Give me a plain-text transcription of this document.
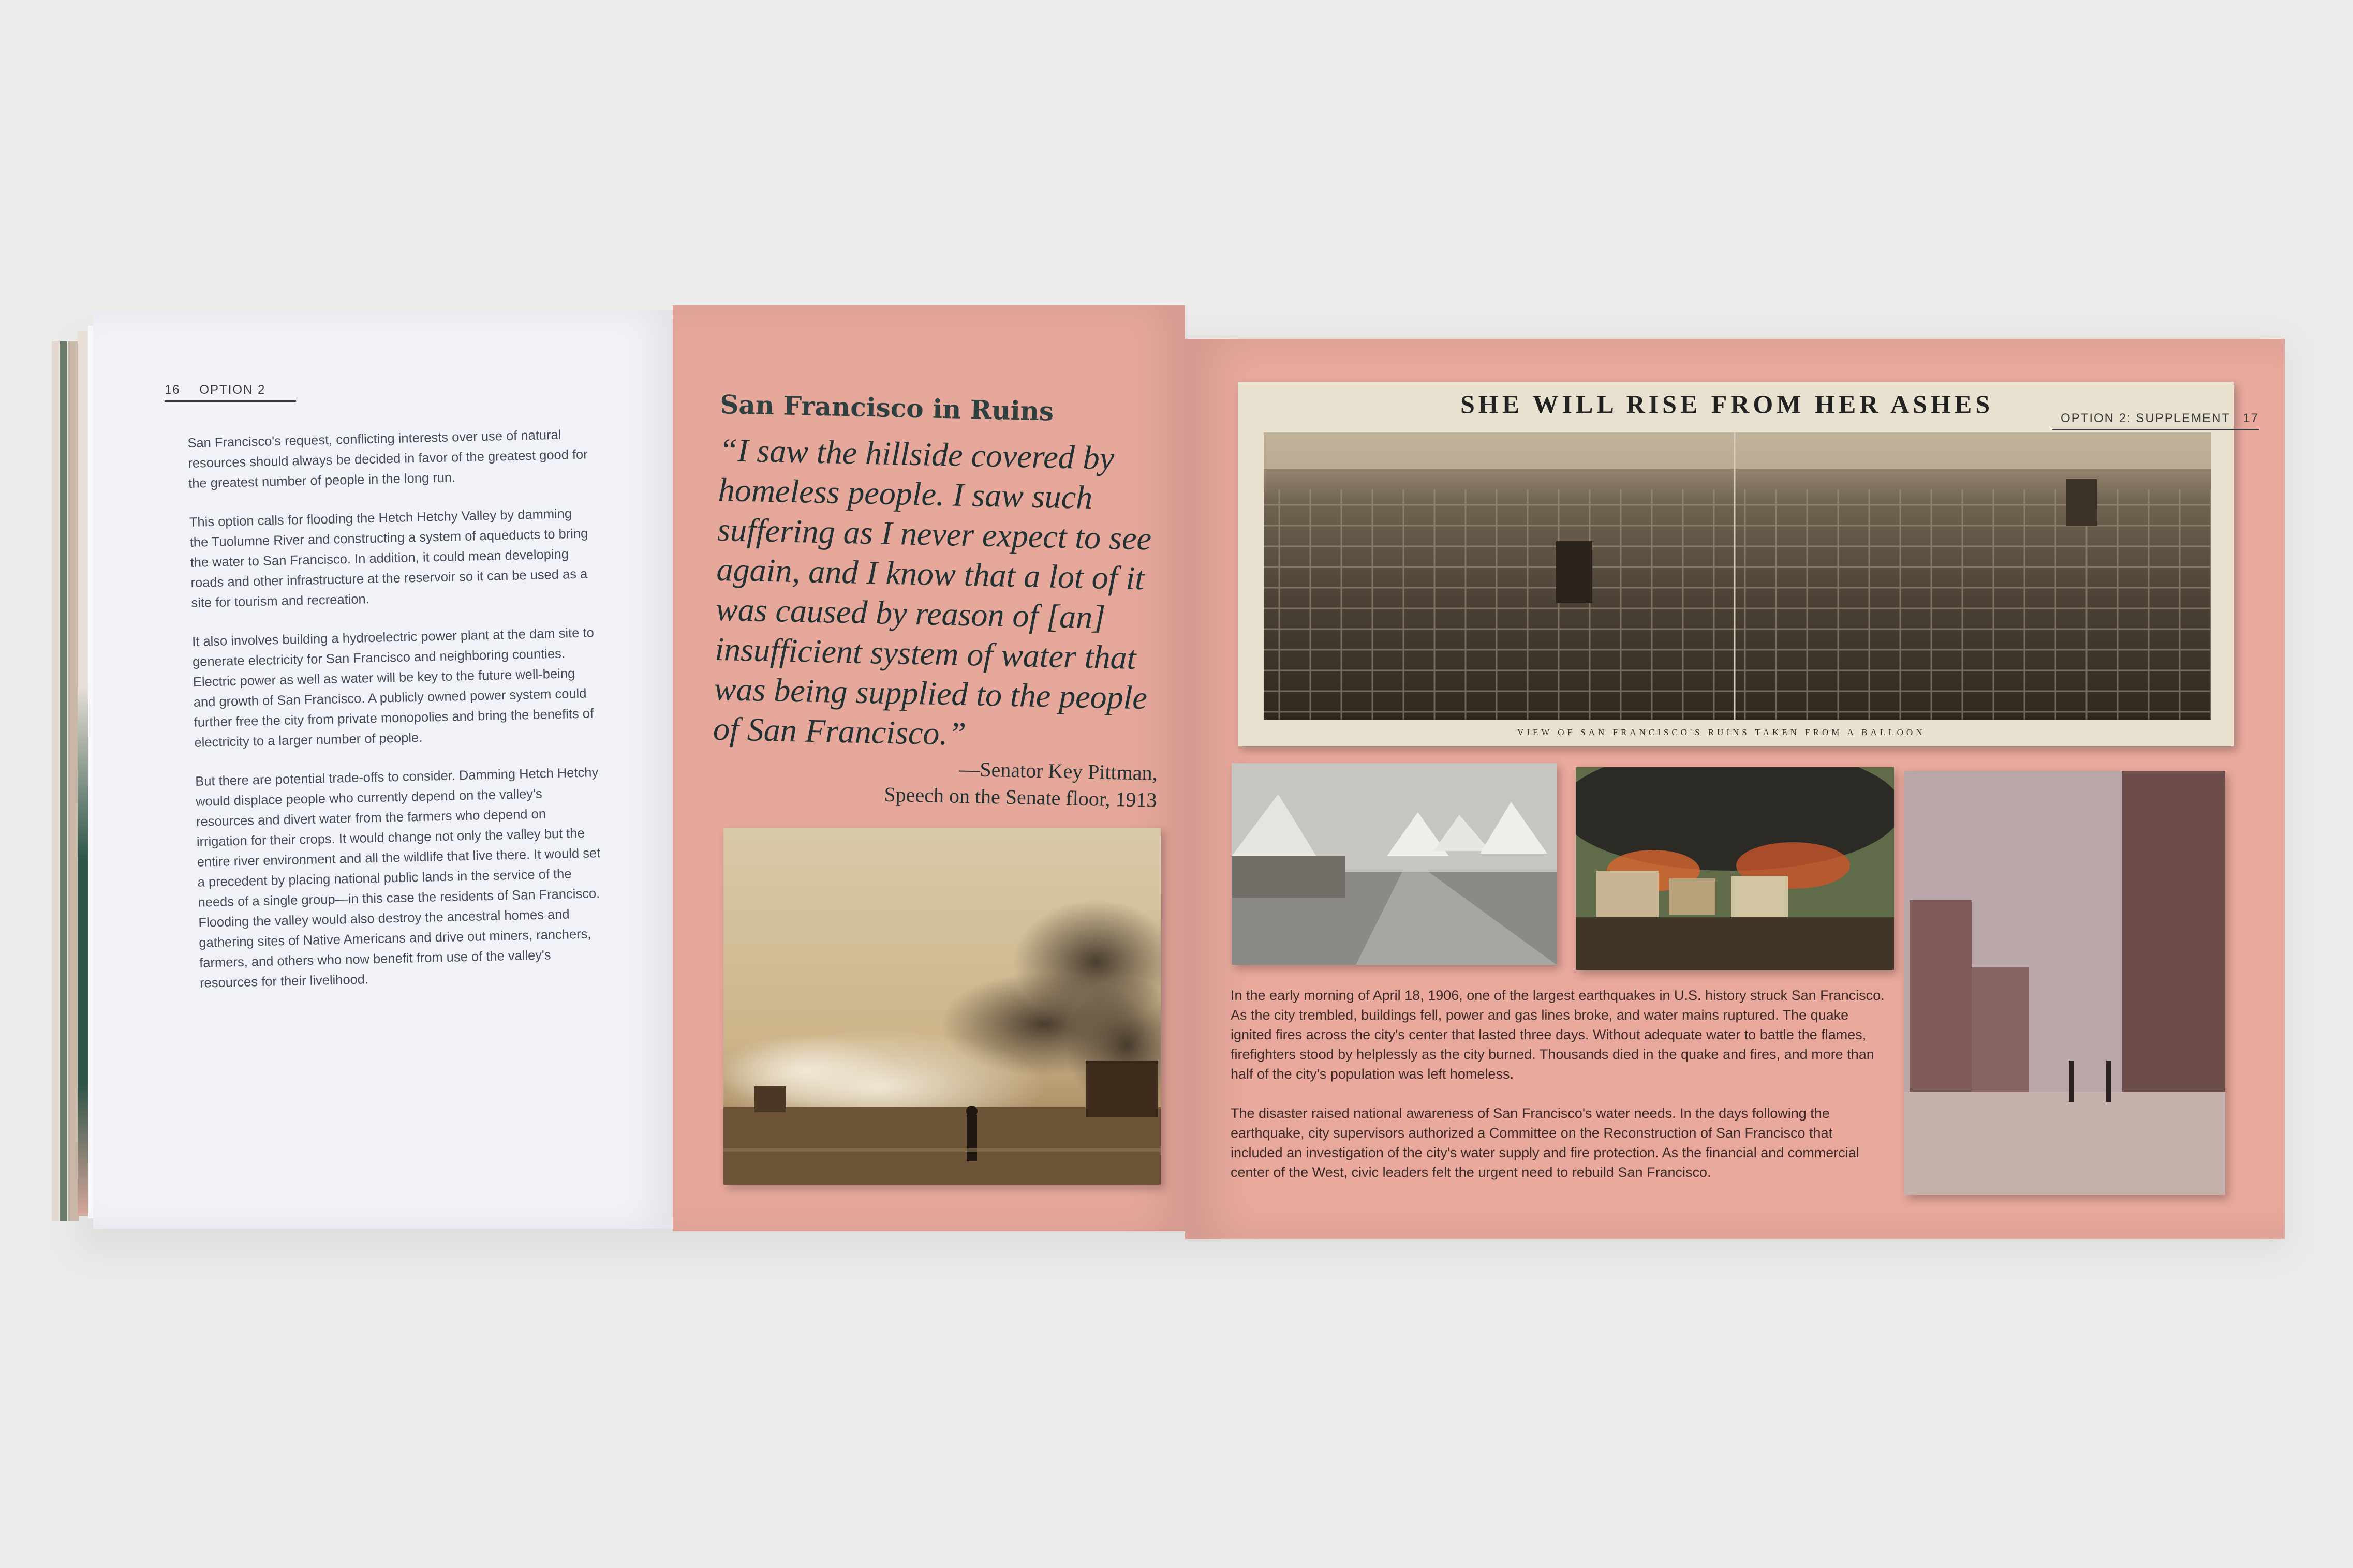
16 OPTION 2

San Francisco's request, conflicting interests over use of natural resources should always be decided in favor of the greatest good for the greatest number of people in the long run.

This option calls for flooding the Hetch Hetchy Valley by damming the Tuolumne River and constructing a system of aqueducts to bring the water to San Francisco. In addition, it could mean developing roads and other infrastructure at the reservoir so it can be used as a site for tourism and recreation.

It also involves building a hydroelectric power plant at the dam site to generate electricity for San Francisco and neighboring counties. Electric power as well as water will be key to the future well-being and growth of San Francisco. A publicly owned power system could further free the city from private monopolies and bring the benefits of electricity to a larger number of people.

But there are potential trade-offs to consider. Damming Hetch Hetchy would displace people who currently depend on the valley's resources and divert water from the farmers who depend on irrigation for their crops. It would change not only the valley but the entire river environment and all the wildlife that live there. It would set a precedent by placing national public lands in the service of the needs of a single group—in this case the residents of San Francisco. Flooding the valley would also destroy the ancestral homes and gathering sites of Native Americans and drive out miners, ranchers, farmers, and others who now benefit from use of the valley's resources for their livelihood.

San Francisco in Ruins
“I saw the hillside covered by homeless people. I saw such suffering as I never expect to see again, and I know that a lot of it was caused by reason of [an] insufficient system of water that was being supplied to the people of San Francisco.”
—Senator Key Pittman,
Speech on the Senate floor, 1913
SHE WILL RISE FROM HER ASHES
VIEW OF SAN FRANCISCO'S RUINS TAKEN FROM A BALLOON
OPTION 2: SUPPLEMENT 17

In the early morning of April 18, 1906, one of the largest earthquakes in U.S. history struck San Francisco. As the city trembled, buildings fell, power and gas lines broke, and water mains ruptured. The quake ignited fires across the city's center that lasted three days. Without adequate water to battle the flames, firefighters stood by helplessly as the city burned. Thousands died in the quake and fires, and more than half of the city's population was left homeless.

The disaster raised national awareness of San Francisco's water needs. In the days following the earthquake, city supervisors authorized a Committee on the Reconstruction of San Francisco that included an investigation of the city's water supply and fire protection. As the financial and commercial center of the West, civic leaders felt the urgent need to rebuild San Francisco.
